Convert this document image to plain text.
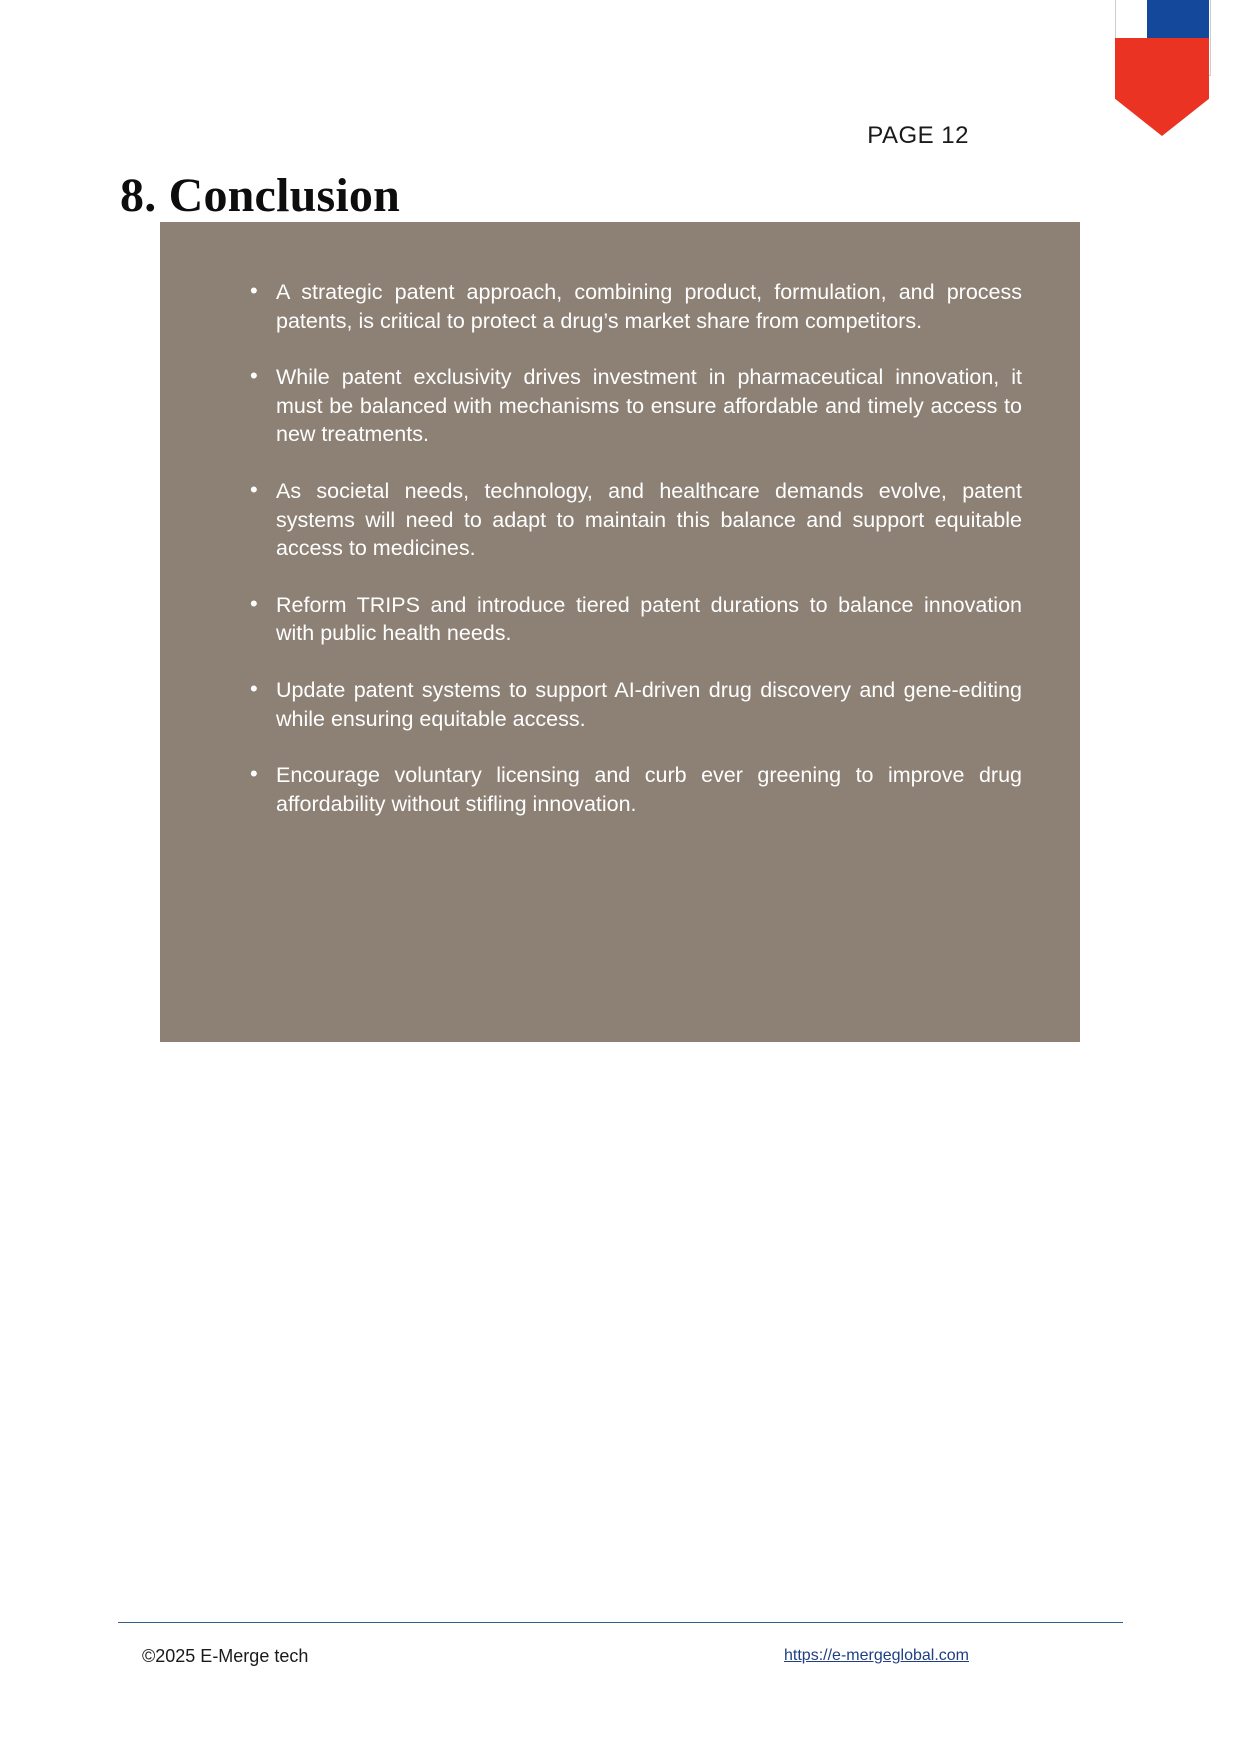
PAGE 12
8. Conclusion
• A strategic patent approach, combining product, formulation, and process patents, is critical to protect a drug’s market share from competitors.
• While patent exclusivity drives investment in pharmaceutical innovation, it must be balanced with mechanisms to ensure affordable and timely access to new treatments.
• As societal needs, technology, and healthcare demands evolve, patent systems will need to adapt to maintain this balance and support equitable access to medicines.
• Reform TRIPS and introduce tiered patent durations to balance innovation with public health needs.
• Update patent systems to support AI-driven drug discovery and gene-editing while ensuring equitable access.
• Encourage voluntary licensing and curb ever greening to improve drug affordability without stifling innovation.
©2025 E-Merge tech	https://e-mergeglobal.com
